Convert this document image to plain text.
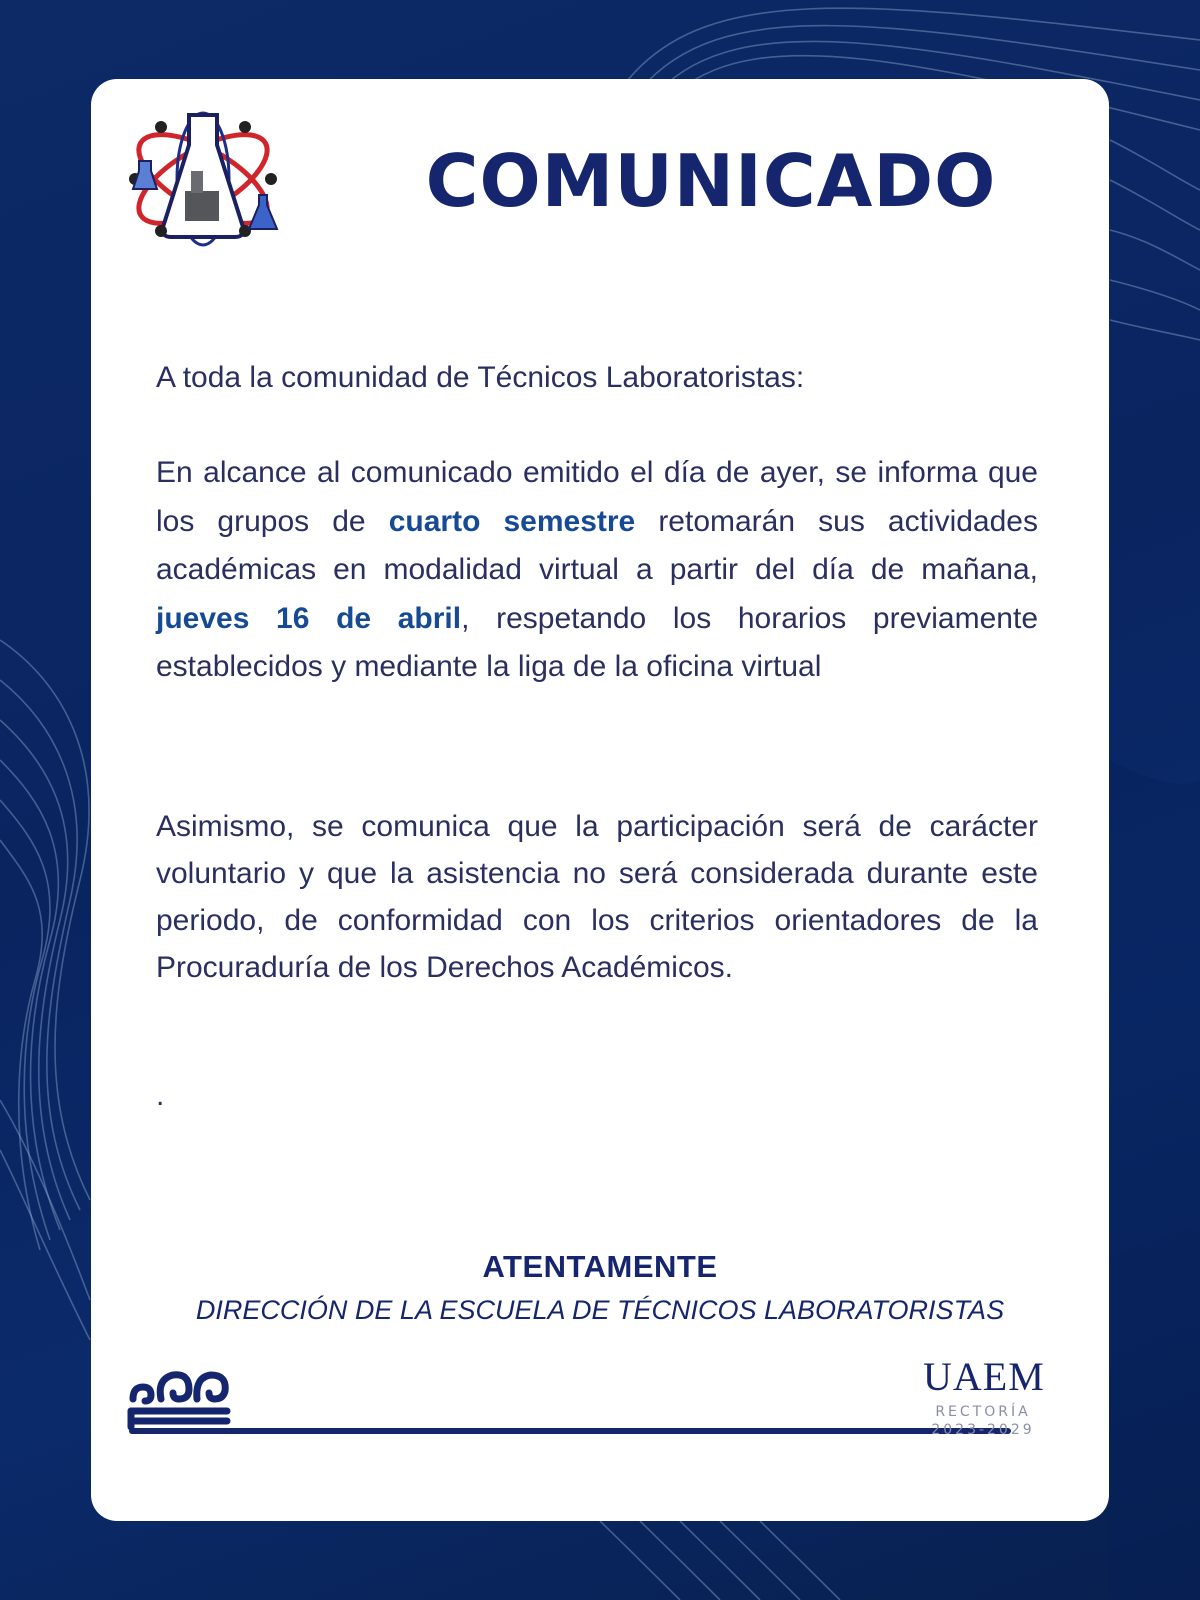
COMUNICADO

A toda la comunidad de Técnicos Laboratoristas:

En alcance al comunicado emitido el día de ayer, se informa que los grupos de cuarto semestre retomarán sus actividades académicas en modalidad virtual a partir del día de mañana, jueves 16 de abril, respetando los horarios previamente establecidos y mediante la liga de la oficina virtual

Asimismo, se comunica que la participación será de carácter voluntario y que la asistencia no será considerada durante este periodo, de conformidad con los criterios orientadores de la Procuraduría de los Derechos Académicos.

.

ATENTAMENTE

DIRECCIÓN DE LA ESCUELA DE TÉCNICOS LABORATORISTAS

UAEM
RECTORÍA
2023-2029
